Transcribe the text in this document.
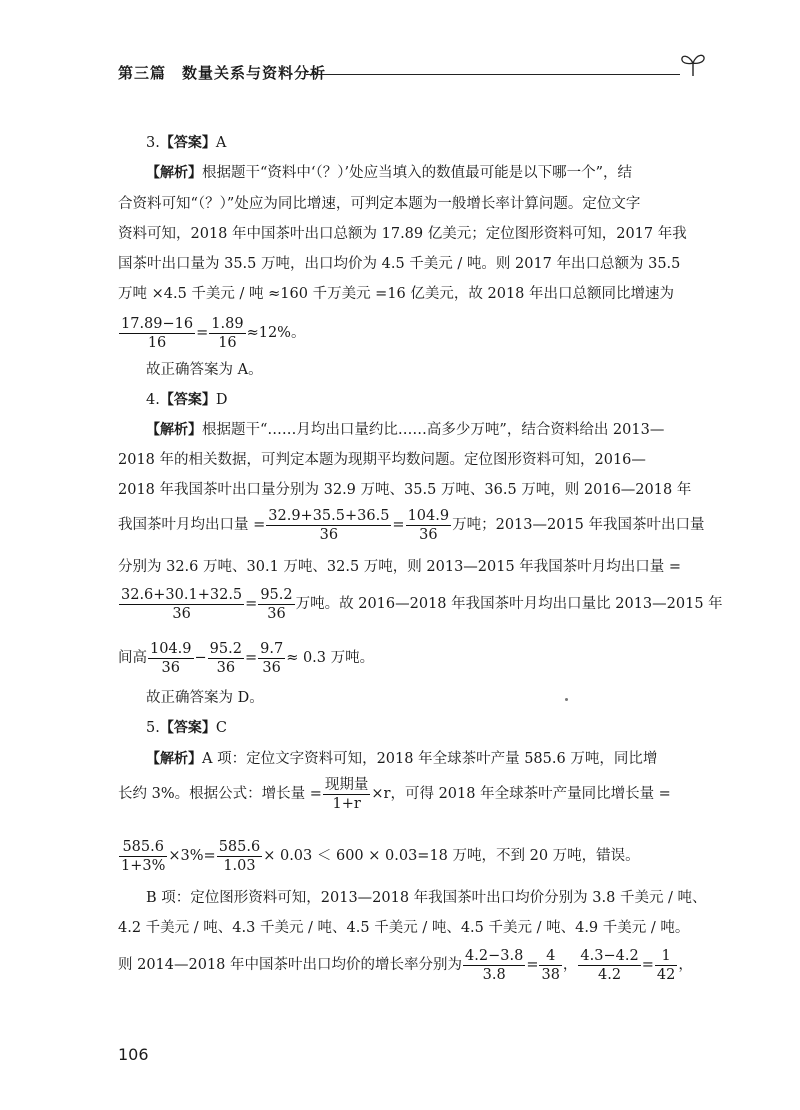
第三篇　数量关系与资料分析
3.【答案】A
【解析】根据题干“资料中‘（？）’处应当填入的数值最可能是以下哪一个”，结
合资料可知“（？）”处应为同比增速，可判定本题为一般增长率计算问题。定位文字
资料可知，2018 年中国茶叶出口总额为 17.89 亿美元；定位图形资料可知，2017 年我
国茶叶出口量为 35.5 万吨，出口均价为 4.5 千美元 / 吨。则 2017 年出口总额为 35.5
万吨 ×4.5 千美元 / 吨 ≈160 千万美元 =16 亿美元，故 2018 年出口总额同比增速为
$\frac{17.89-16}{16} = \frac{1.89}{16} \approx 12\%$。
故正确答案为 A。
4.【答案】D
【解析】根据题干“……月均出口量约比……高多少万吨”，结合资料给出 2013—
2018 年的相关数据，可判定本题为现期平均数问题。定位图形资料可知，2016—
2018 年我国茶叶出口量分别为 32.9 万吨、35.5 万吨、36.5 万吨，则 2016—2018 年
我国茶叶月均出口量 = $\frac{32.9+35.5+36.5}{36} = \frac{104.9}{36}$ 万吨；2013—2015 年我国茶叶出口量
分别为 32.6 万吨、30.1 万吨、32.5 万吨，则 2013—2015 年我国茶叶月均出口量 =
$\frac{32.6+30.1+32.5}{36} = \frac{95.2}{36}$ 万吨。故 2016—2018 年我国茶叶月均出口量比 2013—2015 年
间高 $\frac{104.9}{36} - \frac{95.2}{36} = \frac{9.7}{36} \approx 0.3$ 万吨。
故正确答案为 D。
5.【答案】C
【解析】A 项：定位文字资料可知，2018 年全球茶叶产量 585.6 万吨，同比增
长约 3%。根据公式：增长量 = $\frac{\text{现期量}}{1+r} \times r$，可得 2018 年全球茶叶产量同比增长量 =
$\frac{585.6}{1+3\%} \times 3\%= \frac{585.6}{1.03} \times 0.03 < 600 \times 0.03=18$ 万吨，不到 20 万吨，错误。
B 项：定位图形资料可知，2013—2018 年我国茶叶出口均价分别为 3.8 千美元 / 吨、
4.2 千美元 / 吨、4.3 千美元 / 吨、4.5 千美元 / 吨、4.5 千美元 / 吨、4.9 千美元 / 吨。
则 2014—2018 年中国茶叶出口均价的增长率分别为 $\frac{4.2-3.8}{3.8} = \frac{4}{38}$ ， $\frac{4.3-4.2}{4.2} = \frac{1}{42}$ ，
106
